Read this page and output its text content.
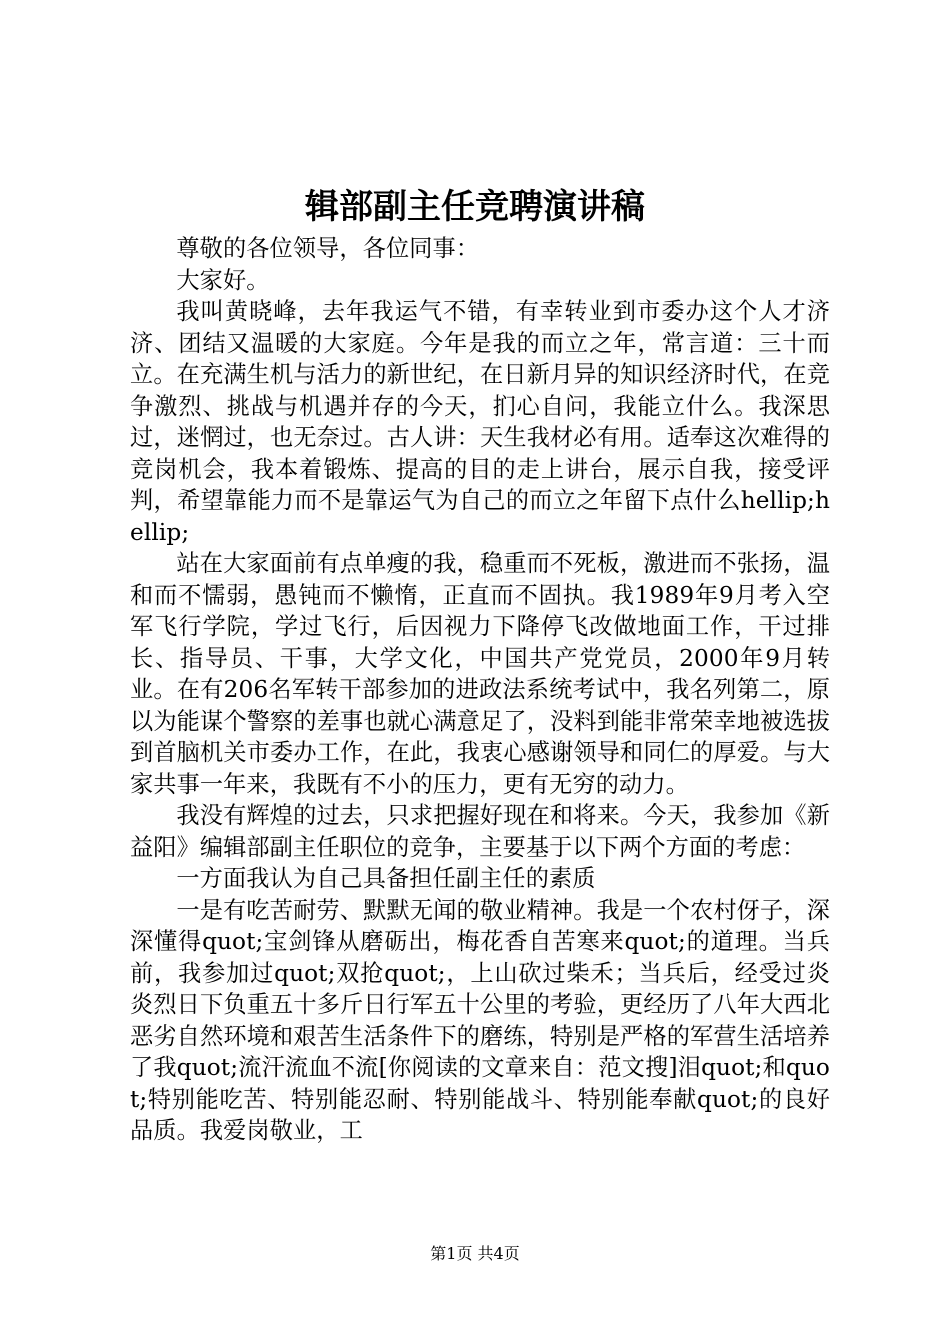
辑部副主任竞聘演讲稿

尊敬的各位领导，各位同事：

大家好。

我叫黄晓峰，去年我运气不错，有幸转业到市委办这个人才济济、团结又温暖的大家庭。今年是我的而立之年，常言道：三十而立。在充满生机与活力的新世纪，在日新月异的知识经济时代，在竞争激烈、挑战与机遇并存的今天，扪心自问，我能立什么。我深思过，迷惘过，也无奈过。古人讲：天生我材必有用。适奉这次难得的竞岗机会，我本着锻炼、提高的目的走上讲台，展示自我，接受评判，希望靠能力而不是靠运气为自己的而立之年留下点什么hellip;hellip;

站在大家面前有点单瘦的我，稳重而不死板，激进而不张扬，温和而不懦弱，愚钝而不懒惰，正直而不固执。我1989年9月考入空军飞行学院，学过飞行，后因视力下降停飞改做地面工作，干过排长、指导员、干事，大学文化，中国共产党党员，2000年9月转业。在有206名军转干部参加的进政法系统考试中，我名列第二，原以为能谋个警察的差事也就心满意足了，没料到能非常荣幸地被选拔到首脑机关市委办工作，在此，我衷心感谢领导和同仁的厚爱。与大家共事一年来，我既有不小的压力，更有无穷的动力。

我没有辉煌的过去，只求把握好现在和将来。今天，我参加《新益阳》编辑部副主任职位的竞争，主要基于以下两个方面的考虑：

一方面我认为自己具备担任副主任的素质

一是有吃苦耐劳、默默无闻的敬业精神。我是一个农村伢子，深深懂得quot;宝剑锋从磨砺出，梅花香自苦寒来quot;的道理。当兵前，我参加过quot;双抢quot;，上山砍过柴禾；当兵后，经受过炎炎烈日下负重五十多斤日行军五十公里的考验，更经历了八年大西北恶劣自然环境和艰苦生活条件下的磨练，特别是严格的军营生活培养了我quot;流汗流血不流[你阅读的文章来自：范文搜]泪quot;和quot;特别能吃苦、特别能忍耐、特别能战斗、特别能奉献quot;的良好品质。我爱岗敬业，工

第1页 共4页
